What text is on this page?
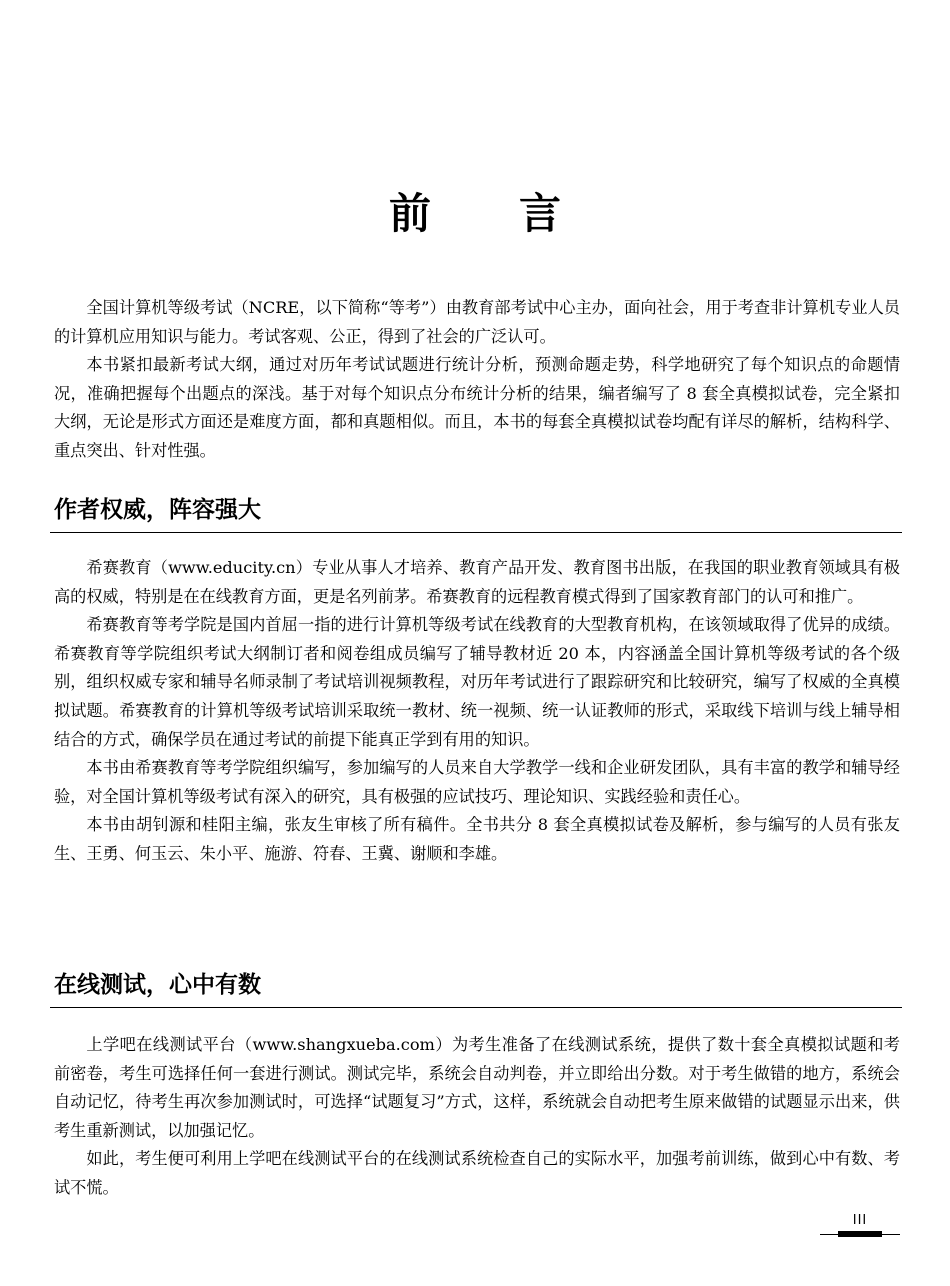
前言

全国计算机等级考试（NCRE，以下简称“等考”）由教育部考试中心主办，面向社会，用于考查非计算机专业人员的计算机应用知识与能力。考试客观、公正，得到了社会的广泛认可。

本书紧扣最新考试大纲，通过对历年考试试题进行统计分析，预测命题走势，科学地研究了每个知识点的命题情况，准确把握每个出题点的深浅。基于对每个知识点分布统计分析的结果，编者编写了 8 套全真模拟试卷，完全紧扣大纲，无论是形式方面还是难度方面，都和真题相似。而且，本书的每套全真模拟试卷均配有详尽的解析，结构科学、重点突出、针对性强。

作者权威，阵容强大

希赛教育（www.educity.cn）专业从事人才培养、教育产品开发、教育图书出版，在我国的职业教育领域具有极高的权威，特别是在在线教育方面，更是名列前茅。希赛教育的远程教育模式得到了国家教育部门的认可和推广。

希赛教育等考学院是国内首屈一指的进行计算机等级考试在线教育的大型教育机构，在该领域取得了优异的成绩。希赛教育等学院组织考试大纲制订者和阅卷组成员编写了辅导教材近 20 本，内容涵盖全国计算机等级考试的各个级别，组织权威专家和辅导名师录制了考试培训视频教程，对历年考试进行了跟踪研究和比较研究，编写了权威的全真模拟试题。希赛教育的计算机等级考试培训采取统一教材、统一视频、统一认证教师的形式，采取线下培训与线上辅导相结合的方式，确保学员在通过考试的前提下能真正学到有用的知识。

本书由希赛教育等考学院组织编写，参加编写的人员来自大学教学一线和企业研发团队，具有丰富的教学和辅导经验，对全国计算机等级考试有深入的研究，具有极强的应试技巧、理论知识、实践经验和责任心。

本书由胡钊源和桂阳主编，张友生审核了所有稿件。全书共分 8 套全真模拟试卷及解析，参与编写的人员有张友生、王勇、何玉云、朱小平、施游、符春、王冀、谢顺和李雄。

在线测试，心中有数

上学吧在线测试平台（www.shangxueba.com）为考生准备了在线测试系统，提供了数十套全真模拟试题和考前密卷，考生可选择任何一套进行测试。测试完毕，系统会自动判卷，并立即给出分数。对于考生做错的地方，系统会自动记忆，待考生再次参加测试时，可选择“试题复习”方式，这样，系统就会自动把考生原来做错的试题显示出来，供考生重新测试，以加强记忆。

如此，考生便可利用上学吧在线测试平台的在线测试系统检查自己的实际水平，加强考前训练，做到心中有数、考试不慌。

III
